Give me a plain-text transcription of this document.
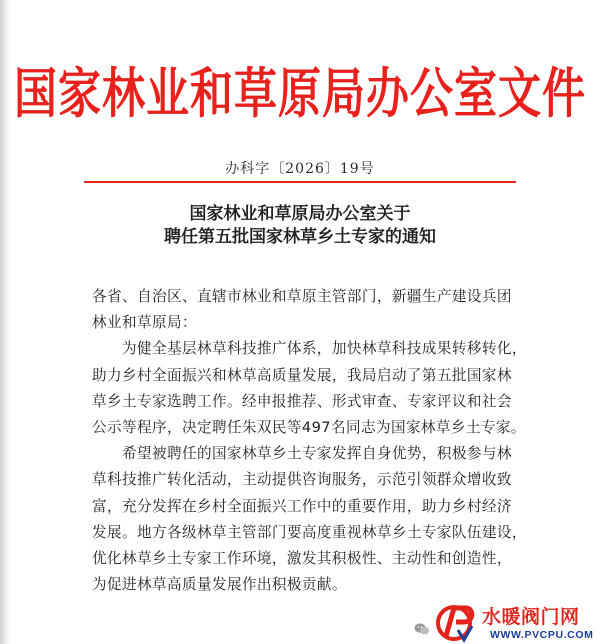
国家林业和草原局办公室文件
办科字〔2026〕19号
国家林业和草原局办公室关于
聘任第五批国家林草乡土专家的通知
各省、自治区、直辖市林业和草原主管部门，新疆生产建设兵团
林业和草原局：
为健全基层林草科技推广体系，加快林草科技成果转移转化，
助力乡村全面振兴和林草高质量发展，我局启动了第五批国家林
草乡土专家选聘工作。经申报推荐、形式审查、专家评议和社会
公示等程序，决定聘任朱双民等497名同志为国家林草乡土专家。
希望被聘任的国家林草乡土专家发挥自身优势，积极参与林
草科技推广转化活动，主动提供咨询服务，示范引领群众增收致
富，充分发挥在乡村全面振兴工作中的重要作用，助力乡村经济
发展。地方各级林草主管部门要高度重视林草乡土专家队伍建设，
优化林草乡土专家工作环境，激发其积极性、主动性和创造性，
为促进林草高质量发展作出积极贡献。
水暖阀门网
WWW.PVCPU.COM
